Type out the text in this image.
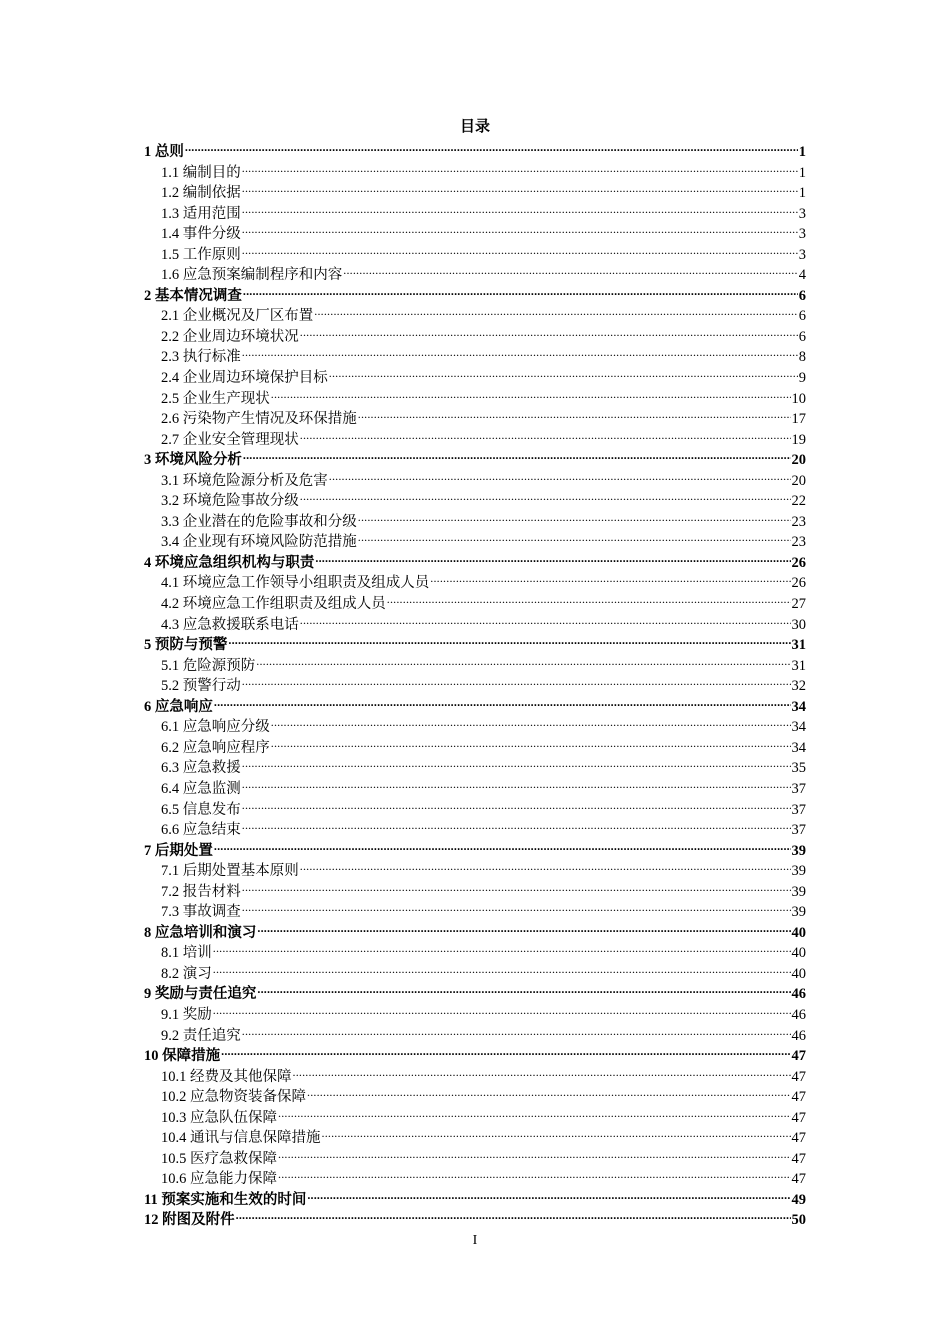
目录
1 总则 .....	1
1.1 编制目的 .....	1
1.2 编制依据 .....	1
1.3 适用范围 .....	3
1.4 事件分级 .....	3
1.5 工作原则 .....	3
1.6 应急预案编制程序和内容 .....	4
2 基本情况调查 .....	6
2.1 企业概况及厂区布置 .....	6
2.2 企业周边环境状况 .....	6
2.3 执行标准 .....	8
2.4 企业周边环境保护目标 .....	9
2.5 企业生产现状 .....	10
2.6 污染物产生情况及环保措施 .....	17
2.7 企业安全管理现状 .....	19
3 环境风险分析 .....	20
3.1 环境危险源分析及危害 .....	20
3.2 环境危险事故分级 .....	22
3.3 企业潜在的危险事故和分级 .....	23
3.4 企业现有环境风险防范措施 .....	23
4 环境应急组织机构与职责 .....	26
4.1 环境应急工作领导小组职责及组成人员 .....	26
4.2 环境应急工作组职责及组成人员 .....	27
4.3 应急救援联系电话 .....	30
5 预防与预警 .....	31
5.1 危险源预防 .....	31
5.2 预警行动 .....	32
6 应急响应 .....	34
6.1 应急响应分级 .....	34
6.2 应急响应程序 .....	34
6.3 应急救援 .....	35
6.4 应急监测 .....	37
6.5 信息发布 .....	37
6.6 应急结束 .....	37
7 后期处置 .....	39
7.1 后期处置基本原则 .....	39
7.2 报告材料 .....	39
7.3 事故调查 .....	39
8 应急培训和演习 .....	40
8.1 培训 .....	40
8.2 演习 .....	40
9 奖励与责任追究 .....	46
9.1 奖励 .....	46
9.2 责任追究 .....	46
10 保障措施 .....	47
10.1 经费及其他保障 .....	47
10.2 应急物资装备保障 .....	47
10.3 应急队伍保障 .....	47
10.4 通讯与信息保障措施 .....	47
10.5 医疗急救保障 .....	47
10.6 应急能力保障 .....	47
11 预案实施和生效的时间 .....	49
12 附图及附件 .....	50
I
